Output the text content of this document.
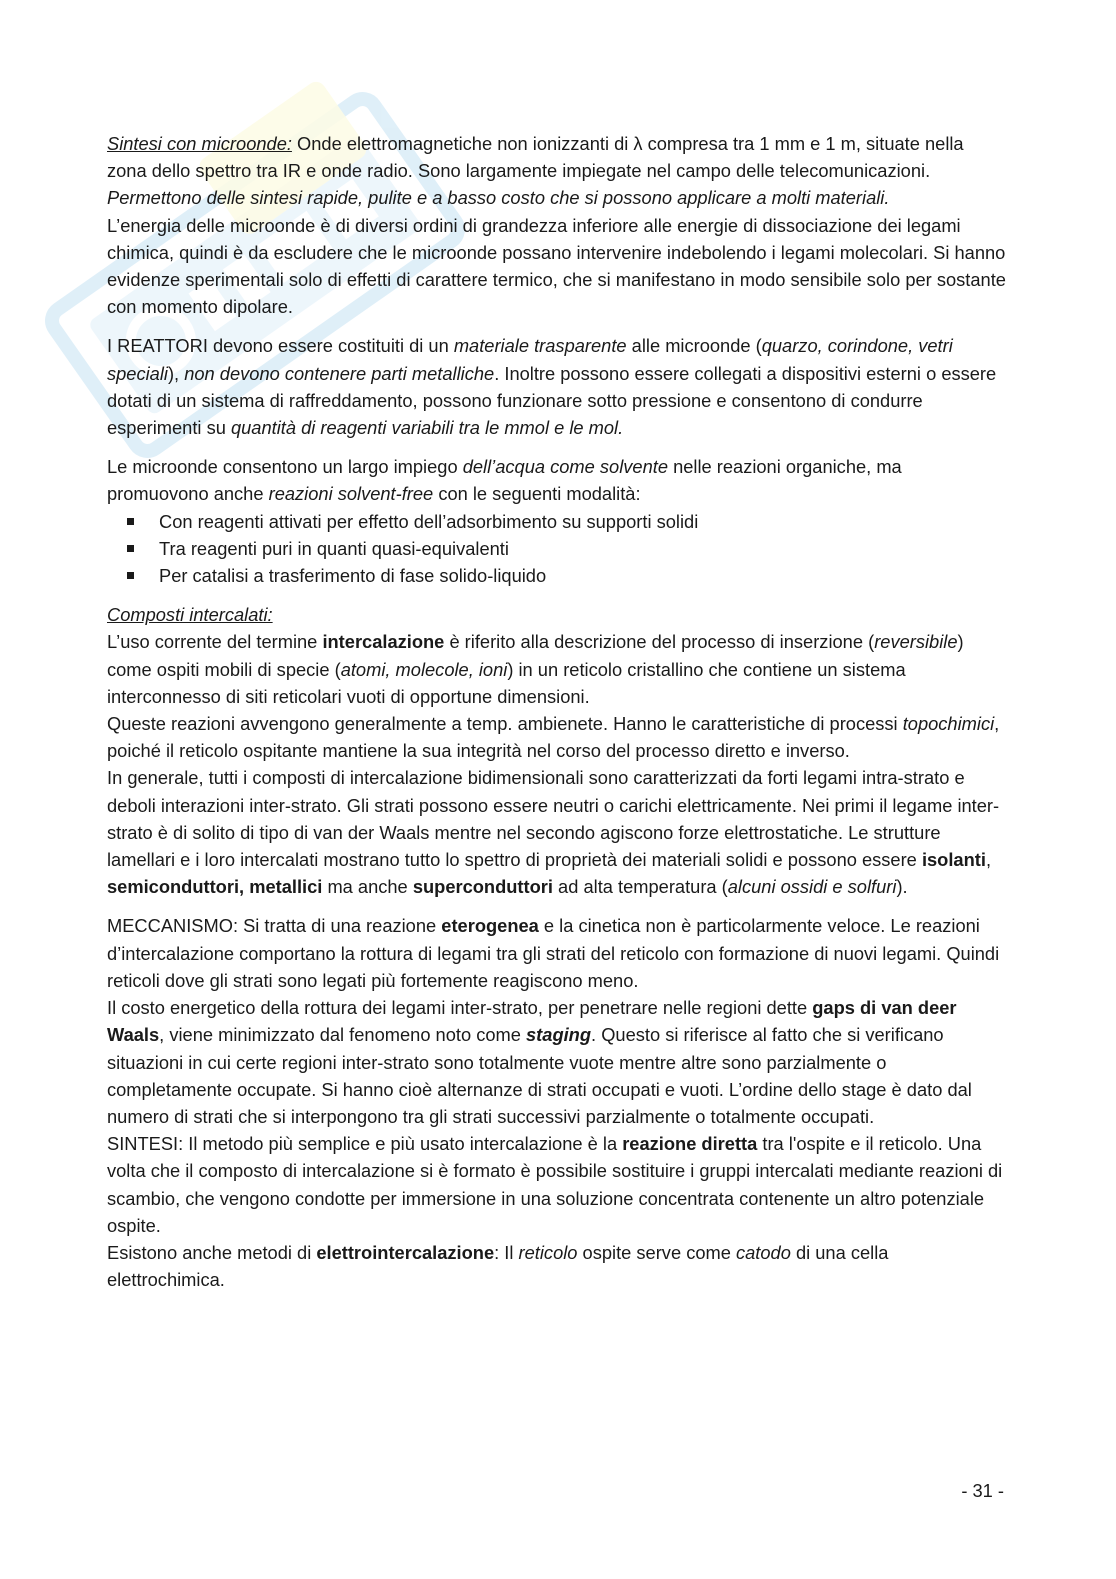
Sintesi con microonde: Onde elettromagnetiche non ionizzanti di λ compresa tra 1 mm e 1 m, situate nella zona dello spettro tra IR e onde radio. Sono largamente impiegate nel campo delle telecomunicazioni.

Permettono delle sintesi rapide, pulite e a basso costo che si possono applicare a molti materiali.

L’energia delle microonde è di diversi ordini di grandezza inferiore alle energie di dissociazione dei legami chimica, quindi è da escludere che le microonde possano intervenire indebolendo i legami molecolari. Si hanno evidenze sperimentali solo di effetti di carattere termico, che si manifestano in modo sensibile solo per sostante con momento dipolare.

I REATTORI devono essere costituiti di un materiale trasparente alle microonde (quarzo, corindone, vetri speciali), non devono contenere parti metalliche. Inoltre possono essere collegati a dispositivi esterni o essere dotati di un sistema di raffreddamento, possono funzionare sotto pressione e consentono di condurre esperimenti su quantità di reagenti variabili tra le mmol e le mol.

Le microonde consentono un largo impiego dell’acqua come solvente nelle reazioni organiche, ma promuovono anche reazioni solvent-free con le seguenti modalità:

Con reagenti attivati per effetto dell’adsorbimento su supporti solidi
Tra reagenti puri in quanti quasi-equivalenti
Per catalisi a trasferimento di fase solido-liquido

Composti intercalati:

L’uso corrente del termine intercalazione è riferito alla descrizione del processo di inserzione (reversibile) come ospiti mobili di specie (atomi, molecole, ioni) in un reticolo cristallino che contiene un sistema interconnesso di siti reticolari vuoti di opportune dimensioni.

Queste reazioni avvengono generalmente a temp. ambienete. Hanno le caratteristiche di processi topochimici, poiché il reticolo ospitante mantiene la sua integrità nel corso del processo diretto e inverso.

In generale, tutti i composti di intercalazione bidimensionali sono caratterizzati da forti legami intra-strato e deboli interazioni inter-strato. Gli strati possono essere neutri o carichi elettricamente. Nei primi il legame inter-strato è di solito di tipo di van der Waals mentre nel secondo agiscono forze elettrostatiche. Le strutture lamellari e i loro intercalati mostrano tutto lo spettro di proprietà dei materiali solidi e possono essere isolanti, semiconduttori, metallici ma anche superconduttori ad alta temperatura (alcuni ossidi e solfuri).

MECCANISMO: Si tratta di una reazione eterogenea e la cinetica non è particolarmente veloce. Le reazioni d’intercalazione comportano la rottura di legami tra gli strati del reticolo con formazione di nuovi legami. Quindi reticoli dove gli strati sono legati più fortemente reagiscono meno.

Il costo energetico della rottura dei legami inter-strato, per penetrare nelle regioni dette gaps di van deer Waals, viene minimizzato dal fenomeno noto come staging. Questo si riferisce al fatto che si verificano situazioni in cui certe regioni inter-strato sono totalmente vuote mentre altre sono parzialmente o completamente occupate. Si hanno cioè alternanze di strati occupati e vuoti. L’ordine dello stage è dato dal numero di strati che si interpongono tra gli strati successivi parzialmente o totalmente occupati.

SINTESI: Il metodo più semplice e più usato intercalazione è la reazione diretta tra l'ospite e il reticolo. Una volta che il composto di intercalazione si è formato è possibile sostituire i gruppi intercalati mediante reazioni di scambio, che vengono condotte per immersione in una soluzione concentrata contenente un altro potenziale ospite.

Esistono anche metodi di elettrointercalazione: Il reticolo ospite serve come catodo di una cella elettrochimica.

- 31 -
